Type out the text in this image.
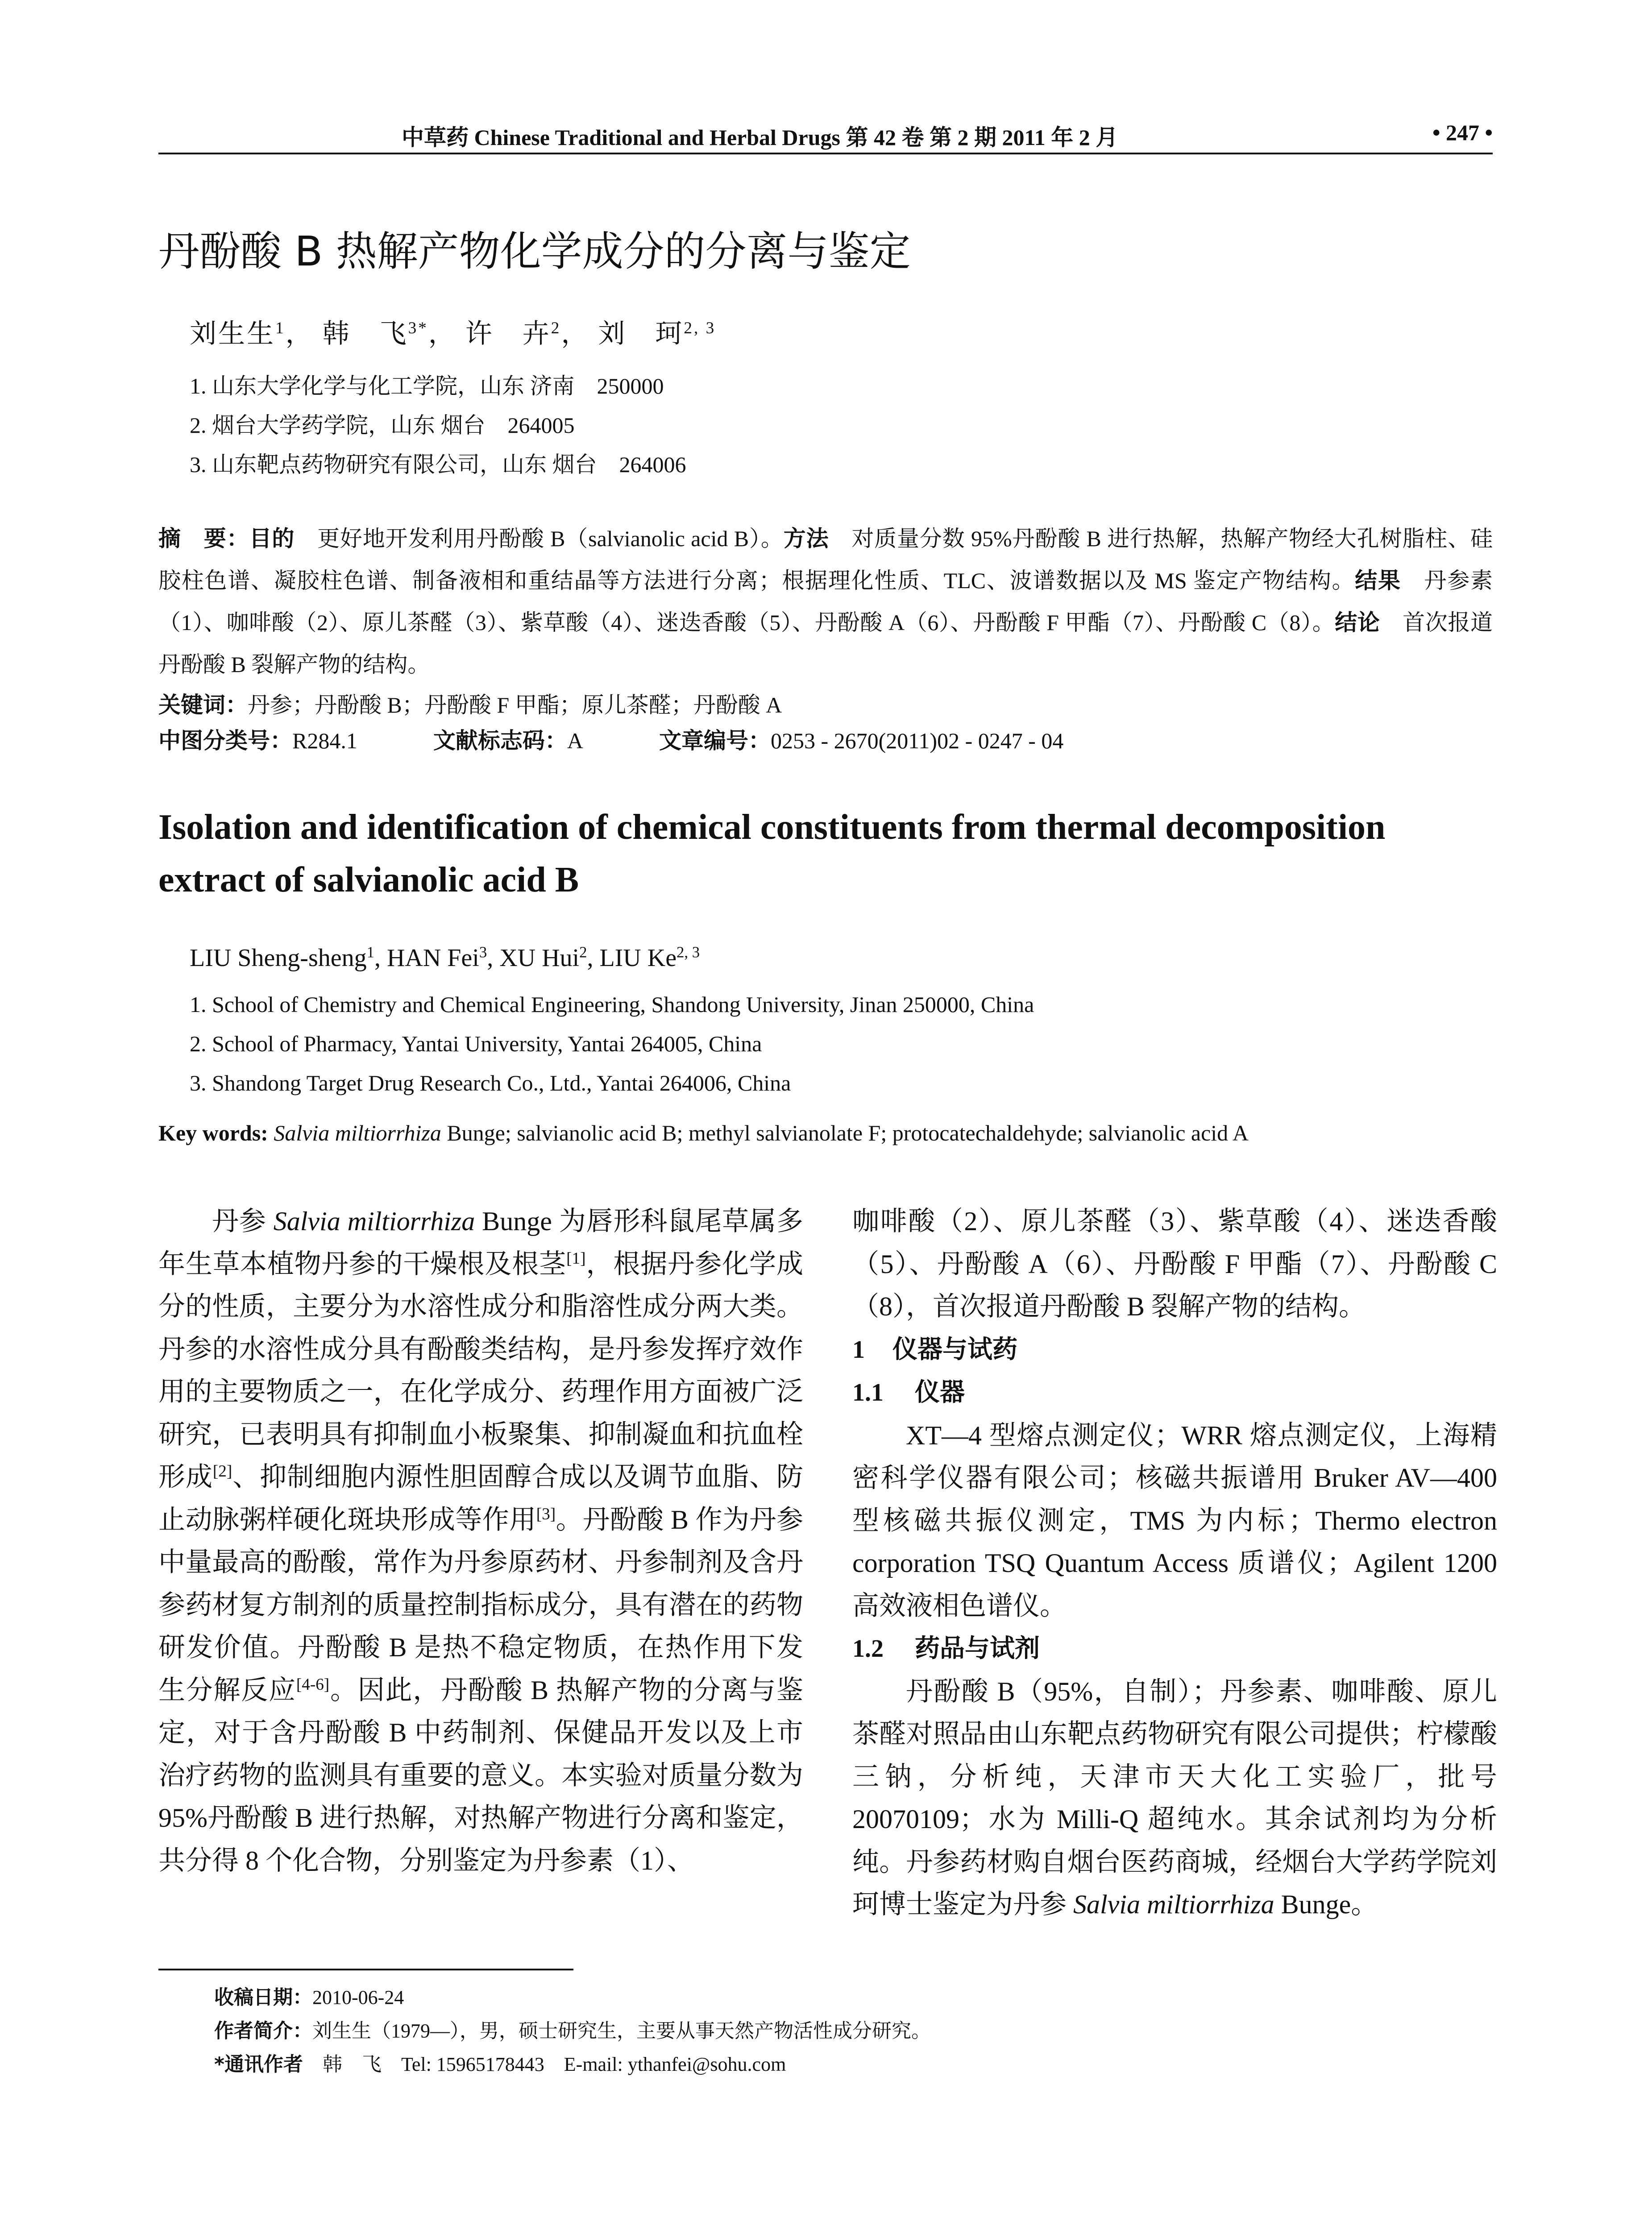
中草药 Chinese Traditional and Herbal Drugs 第 42 卷 第 2 期 2011 年 2 月	• 247 •
丹酚酸 B 热解产物化学成分的分离与鉴定
刘生生$^1$， 韩　飞$^{3*}$， 许　卉$^2$， 刘　珂$^{2, 3}$
1. 山东大学化学与化工学院，山东 济南　250000
2. 烟台大学药学院，山东 烟台　264005
3. 山东靶点药物研究有限公司，山东 烟台　264006
摘　要：目的　更好地开发利用丹酚酸 B（salvianolic acid B）。方法　对质量分数 95%丹酚酸 B 进行热解，热解产物经大孔树脂柱、硅胶柱色谱、凝胶柱色谱、制备液相和重结晶等方法进行分离；根据理化性质、TLC、波谱数据以及 MS 鉴定产物结构。结果　 丹参素（1）、咖啡酸（2）、原儿茶醛（3）、紫草酸（4）、迷迭香酸（5）、丹酚酸 A（6）、丹酚酸 F 甲酯（7）、丹酚酸 C（8）。结论　首次报道丹酚酸 B 裂解产物的结构。
关键词：丹参；丹酚酸 B；丹酚酸 F 甲酯；原儿茶醛；丹酚酸 A
中图分类号：R284.1	文献标志码：A	文章编号：0253 - 2670(2011)02 - 0247 - 04
Isolation and identification of chemical constituents from thermal decomposition extract of salvianolic acid B
LIU Sheng-sheng$^1$, HAN Fei$^3$, XU Hui$^2$, LIU Ke$^{2, 3}$
1. School of Chemistry and Chemical Engineering, Shandong University, Jinan 250000, China
2. School of Pharmacy, Yantai University, Yantai 264005, China
3. Shandong Target Drug Research Co., Ltd., Yantai 264006, China
Key words: Salvia miltiorrhiza Bunge; salvianolic acid B; methyl salvianolate F; protocatechaldehyde; salvianolic acid A

丹参 Salvia miltiorrhiza Bunge 为唇形科鼠尾草属多年生草本植物丹参的干燥根及根茎[1]，根据丹参化学成分的性质，主要分为水溶性成分和脂溶性成分两大类。丹参的水溶性成分具有酚酸类结构，是丹参发挥疗效作用的主要物质之一，在化学成分、药理作用方面被广泛研究，已表明具有抑制血小板聚集、抑制凝血和抗血栓形成[2]、抑制细胞内源性胆固醇合成以及调节血脂、防止动脉粥样硬化斑块形成等作用[3]。丹酚酸 B 作为丹参中量最高的酚酸，常作为丹参原药材、丹参制剂及含丹参药材复方制剂的质量控制指标成分，具有潜在的药物研发价值。丹酚酸 B 是热不稳定物质，在热作用下发生分解反应[4-6]。因此，丹酚酸 B 热解产物的分离与鉴定，对于含丹酚酸 B 中药制剂、保健品开发以及上市治疗药物的监测具有重要的意义。本实验对质量分数为 95%丹酚酸 B 进行热解，对热解产物进行分离和鉴定，共分得 8 个化合物，分别鉴定为丹参素（1）、

咖啡酸（2）、原儿茶醛（3）、紫草酸（4）、迷迭香酸（5）、丹酚酸 A（6）、丹酚酸 F 甲酯（7）、丹酚酸 C（8），首次报道丹酚酸 B 裂解产物的结构。

1 仪器与试药

1.1 仪器

XT—4 型熔点测定仪；WRR 熔点测定仪，上海精密科学仪器有限公司；核磁共振谱用 Bruker AV—400 型核磁共振仪测定，TMS 为内标；Thermo electron corporation TSQ Quantum Access 质谱仪；Agilent 1200 高效液相色谱仪。

1.2 药品与试剂

丹酚酸 B（95%，自制）；丹参素、咖啡酸、原儿茶醛对照品由山东靶点药物研究有限公司提供；柠檬酸三钠，分析纯，天津市天大化工实验厂，批号 20070109；水为 Milli-Q 超纯水。其余试剂均为分析纯。丹参药材购自烟台医药商城，经烟台大学药学院刘珂博士鉴定为丹参 Salvia miltiorrhiza Bunge。

收稿日期：2010-06-24
作者简介：刘生生（1979—），男，硕士研究生，主要从事天然产物活性成分研究。
*通讯作者　韩　飞　Tel: 15965178443　E-mail: ythanfei@sohu.com
